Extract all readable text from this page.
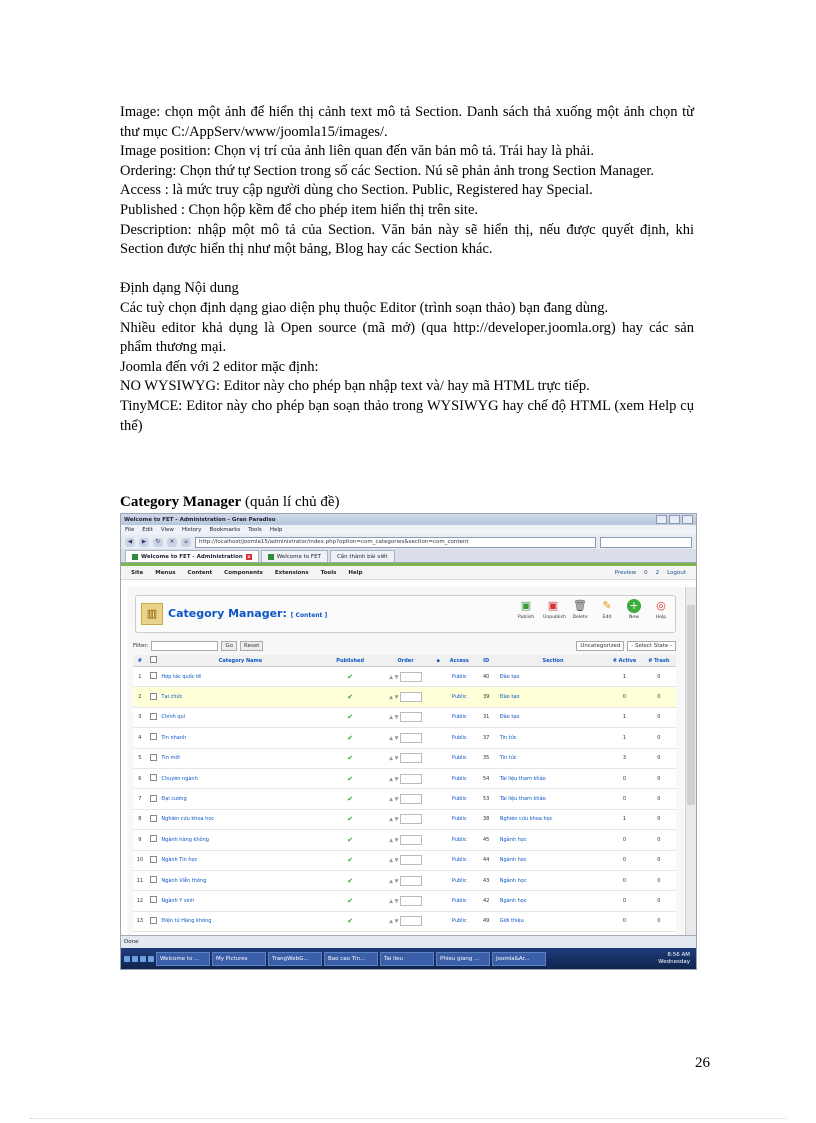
Image: chọn một ảnh để hiển thị cảnh text mô tả Section. Danh sách thả xuống một ảnh chọn từ thư mục C:/AppServ/www/joomla15/images/.

Image position: Chọn vị trí của ảnh liên quan đến văn bản mô tả. Trái hay là phải.

Ordering: Chọn thứ tự Section trong số các Section. Nú sẽ phản ảnh trong Section Manager.

Access : là mức truy cập người dùng cho Section. Public, Registered hay Special.

Published : Chọn hộp kềm để cho phép item hiển thị trên site.

Description: nhập một mô tả của Section. Văn bản này sẽ hiển thị, nếu được quyết định, khi Section được hiển thị như một bảng, Blog hay các Section khác.

Định dạng Nội dung

Các tuỳ chọn định dạng giao diện phụ thuộc Editor (trình soạn thảo) bạn đang dùng.

Nhiều editor khả dụng là Open source (mã mở) (qua http://developer.joomla.org) hay các sản phẩm thương mại.

Joomla đến với 2 editor mặc định:

NO WYSIWYG: Editor này cho phép bạn nhập text và/ hay mã HTML trực tiếp.

TinyMCE: Editor này cho phép bạn soạn thảo trong WYSIWYG hay chế độ HTML (xem Help cụ thể)

Category Manager (quản lí chủ đề)
Welcome to FET - Administration - Gran Paradiso
File Edit View History Bookmarks Tools Help
◀	▶	↻	✕	⌂	http://localhost/joomla15/administrator/index.php?option=com_categories&section=com_content
Welcome to FET - Administration	x	Welcome to FET	Cần thành bài viết
Site Menus Content Components Extensions Tools Help	Preview 0 2 Logout
▥ Category Manager: [ Content ]
▣
Publish
▣
Unpublish
🗑
Delete
✎
Edit
+
New
◎
Help
Filter:	Go	Reset	Uncategorized	- Select State -
#		Category Name	Published	Order	▪	Access	ID	Section	# Active	# Trash
1		Hợp tác quốc tế	✔	▲ ▼		Public	40	Đào tạo	1	0
2		Tại chức	✔	▲ ▼		Public	39	Đào tạo	0	0
3		Chính qui	✔	▲ ▼		Public	31	Đào tạo	1	0
4		Tin nhanh	✔	▲ ▼		Public	37	Tin tức	1	0
5		Tin mới	✔	▲ ▼		Public	35	Tin tức	3	0
6		Chuyên ngành	✔	▲ ▼		Public	54	Tài liệu tham khảo	0	0
7		Đại cương	✔	▲ ▼		Public	53	Tài liệu tham khảo	0	0
8		Nghiên cứu khoa học	✔	▲ ▼		Public	38	Nghiên cứu khoa học	1	0
9		Ngành hàng không	✔	▲ ▼		Public	45	Ngành học	0	0
10		Ngành Tin học	✔	▲ ▼		Public	44	Ngành học	0	0
11		Ngành Viễn thông	✔	▲ ▼		Public	43	Ngành học	0	0
12		Ngành Y sinh	✔	▲ ▼		Public	42	Ngành học	0	0
13		Điện tử Hàng không	✔	▲ ▼		Public	49	Giới thiệu	0	0

Done
Welcome to ...	My Pictures	TrangWebG...	Bao cao Tin...	Tai lieu	Phieu giang ...	Joomla&Ar...
8:56 AM
Wednesday
26
